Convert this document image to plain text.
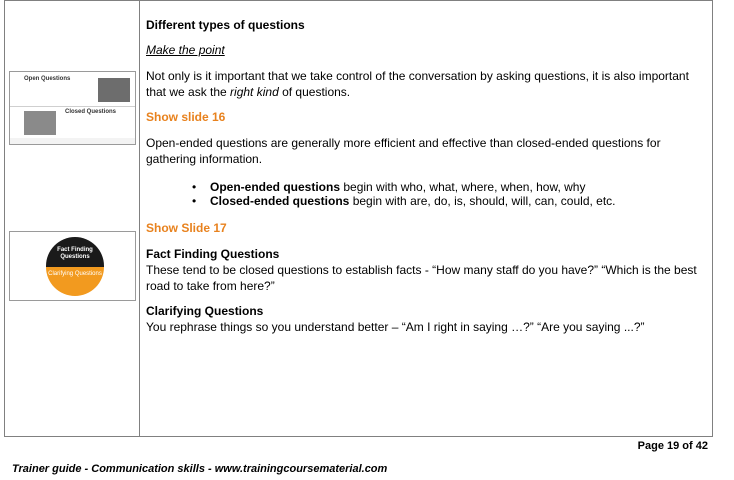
Open Questions
Closed Questions
Fact Finding Questions
Clarifying Questions
Different types of questions
Make the point

Not only is it important that we take control of the conversation by asking questions, it is also important that we ask the right kind of questions.

Show slide 16

Open-ended questions are generally more efficient and effective than closed-ended questions for gathering information.

• Open-ended questions begin with who, what, where, when, how, why
• Closed-ended questions begin with are, do, is, should, will, can, could, etc.
Show Slide 17
Fact Finding Questions

These tend to be closed questions to establish facts - “How many staff do you have?” “Which is the best road to take from here?”

Clarifying Questions

You rephrase things so you understand better – “Am I right in saying …?” “Are you saying ...?”

Page 19 of 42
Trainer guide - Communication skills - www.trainingcoursematerial.com
